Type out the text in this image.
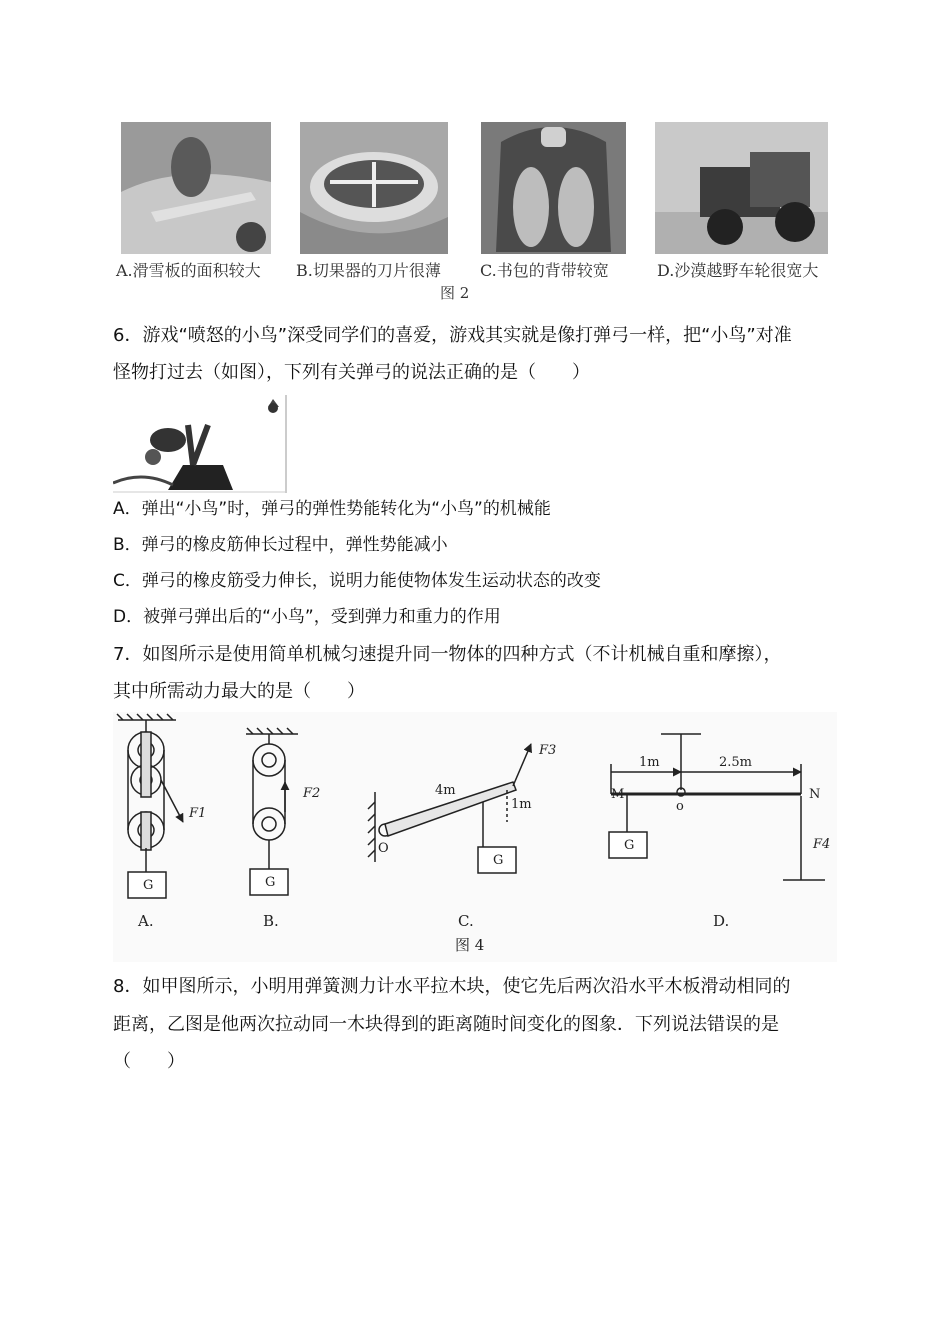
A.滑雪板的面积较大 B.切果器的刀片很薄 C.书包的背带较宽	D.沙漠越野车轮很宽大
图 2
6．游戏“喷怒的小鸟”深受同学们的喜爱，游戏其实就是像打弹弓一样，把“小鸟”对准
怪物打过去（如图），下列有关弹弓的说法正确的是（　　）
A．弹出“小鸟”时，弹弓的弹性势能转化为“小鸟”的机械能
B．弹弓的橡皮筋伸长过程中，弹性势能减小
C．弹弓的橡皮筋受力伸长，说明力能使物体发生运动状态的改变
D．被弹弓弹出后的“小鸟”，受到弹力和重力的作用
7．如图所示是使用简单机械匀速提升同一物体的四种方式（不计机械自重和摩擦），
其中所需动力最大的是（　　）
G	G
G
G
F1
F2
F3
F4
4m
1m
1m	2.5m
O
o
M	N
A.	B.	C.	D.
图 4
8．如甲图所示，小明用弹簧测力计水平拉木块，使它先后两次沿水平木板滑动相同的
距离，乙图是他两次拉动同一木块得到的距离随时间变化的图象．下列说法错误的是
（　　）
